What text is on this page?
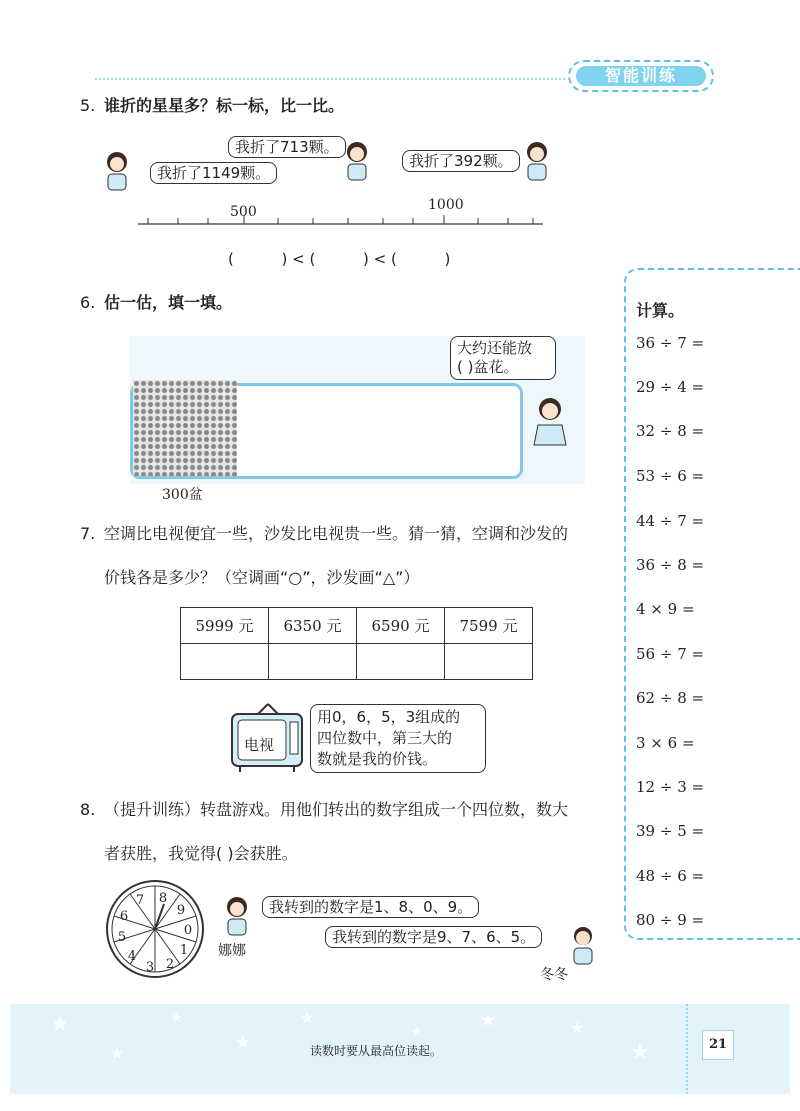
智能训练
5. 谁折的星星多？标一标，比一比。
我折了1149颗。
我折了713颗。
我折了392颗。
500	1000
(          ) < (          ) < (          )
6. 估一估，填一填。
300盆
大约还能放
( )盆花。
7. 空调比电视便宜一些，沙发比电视贵一些。猜一猜，空调和沙发的
价钱各是多少？（空调画“○”，沙发画“△”）
5999 元	6350 元	6590 元	7599 元

电视
用0，6，5，3组成的
四位数中，第三大的
数就是我的价钱。
8. （提升训练）转盘游戏。用他们转出的数字组成一个四位数，数大
者获胜，我觉得( )会获胜。
8
9
0
1
2
3
4
5
6
7
娜娜
我转到的数字是1、8、0、9。
我转到的数字是9、7、6、5。
冬冬
计算。
36 ÷ 7 =
29 ÷ 4 =
32 ÷ 8 =
53 ÷ 6 =
44 ÷ 7 =
36 ÷ 8 =
4 × 9 =
56 ÷ 7 =
62 ÷ 8 =
3 × 6 =
12 ÷ 3 =
39 ÷ 5 =
48 ÷ 6 =
80 ÷ 9 =
★
★
★
★
★
★
★	★
★
读数时要从最高位读起。	21
